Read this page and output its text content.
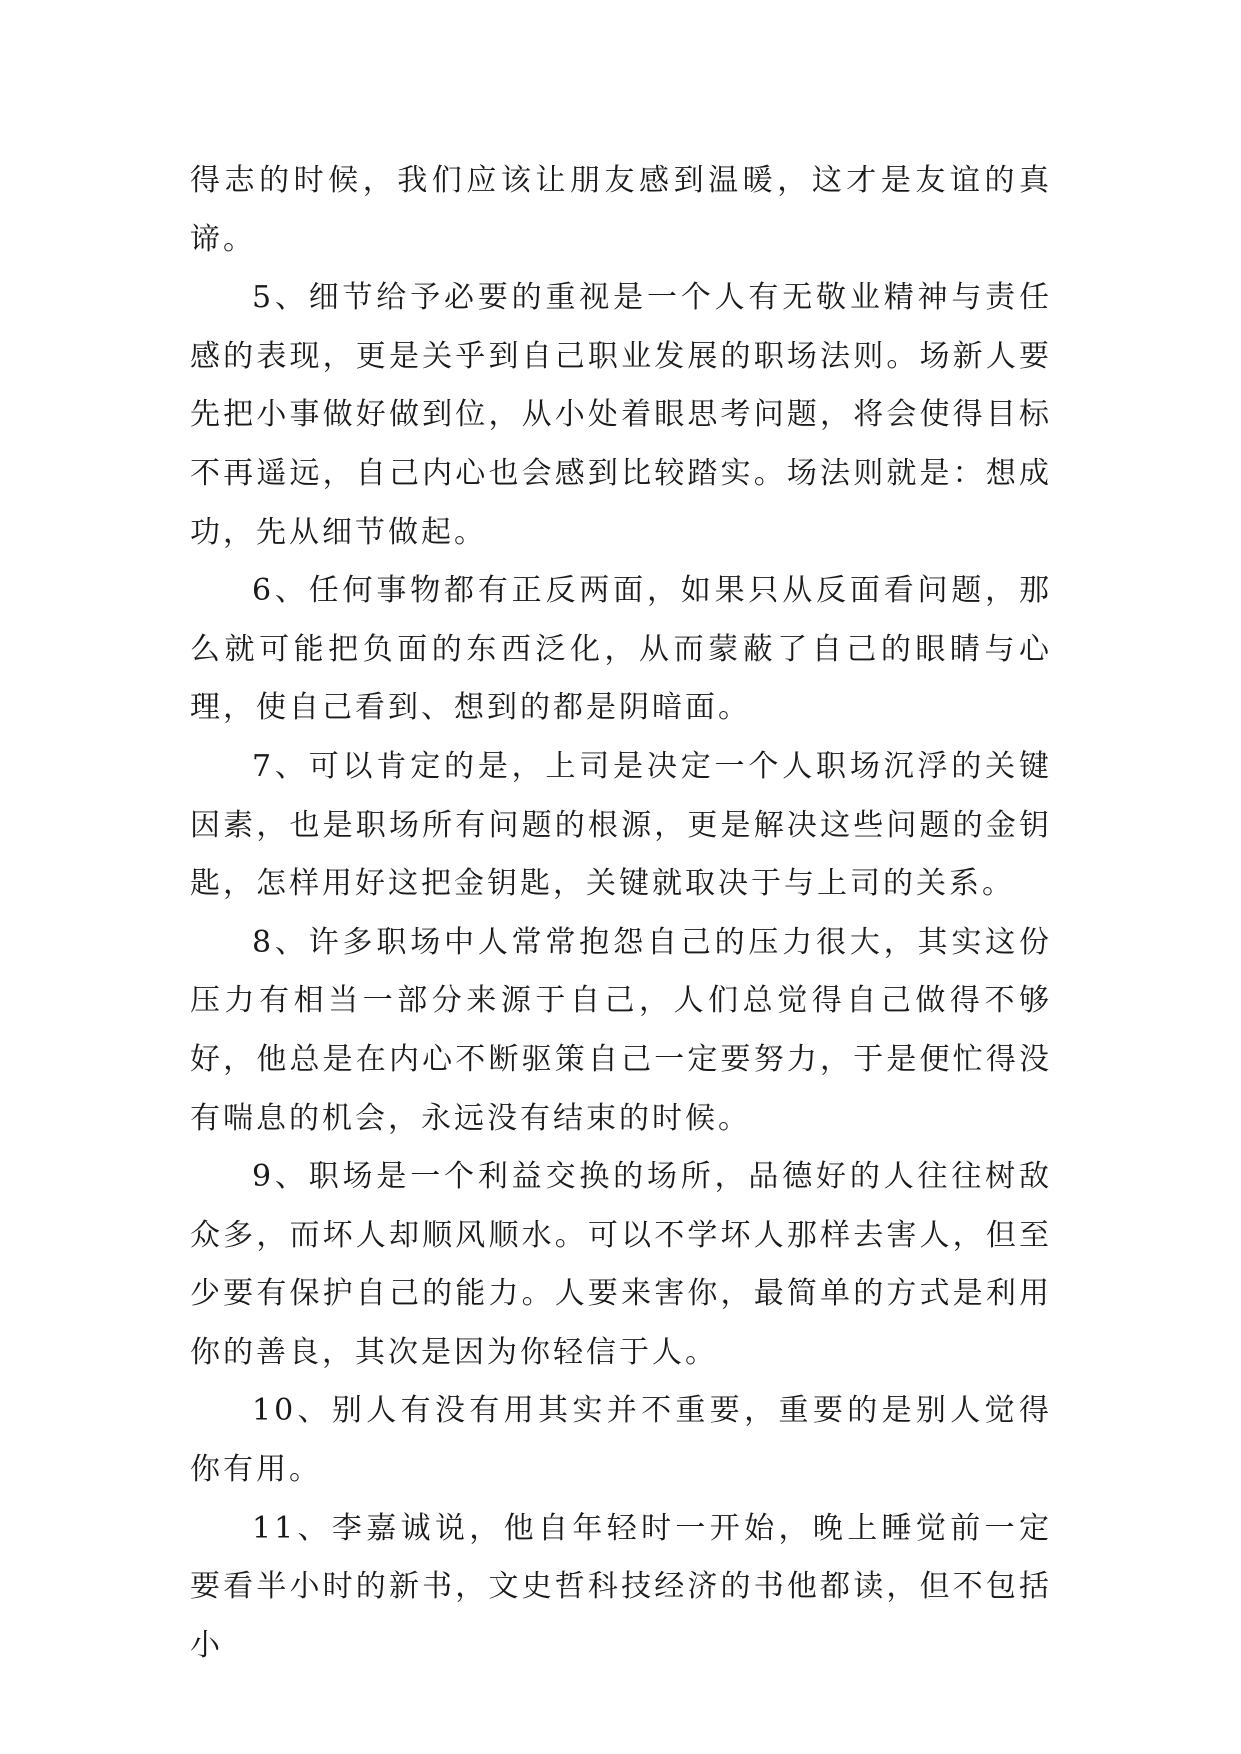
得志的时候，我们应该让朋友感到温暖，这才是友谊的真谛。

5、细节给予必要的重视是一个人有无敬业精神与责任感的表现，更是关乎到自己职业发展的职场法则。场新人要先把小事做好做到位，从小处着眼思考问题，将会使得目标不再遥远，自己内心也会感到比较踏实。场法则就是：想成功，先从细节做起。

6、任何事物都有正反两面，如果只从反面看问题，那么就可能把负面的东西泛化，从而蒙蔽了自己的眼睛与心理，使自己看到、想到的都是阴暗面。

7、可以肯定的是，上司是决定一个人职场沉浮的关键因素，也是职场所有问题的根源，更是解决这些问题的金钥匙，怎样用好这把金钥匙，关键就取决于与上司的关系。

8、许多职场中人常常抱怨自己的压力很大，其实这份压力有相当一部分来源于自己，人们总觉得自己做得不够好，他总是在内心不断驱策自己一定要努力，于是便忙得没有喘息的机会，永远没有结束的时候。

9、职场是一个利益交换的场所，品德好的人往往树敌众多，而坏人却顺风顺水。可以不学坏人那样去害人，但至少要有保护自己的能力。人要来害你，最简单的方式是利用你的善良，其次是因为你轻信于人。

10、别人有没有用其实并不重要，重要的是别人觉得你有用。

11、李嘉诚说，他自年轻时一开始，晚上睡觉前一定要看半小时的新书，文史哲科技经济的书他都读，但不包括小
